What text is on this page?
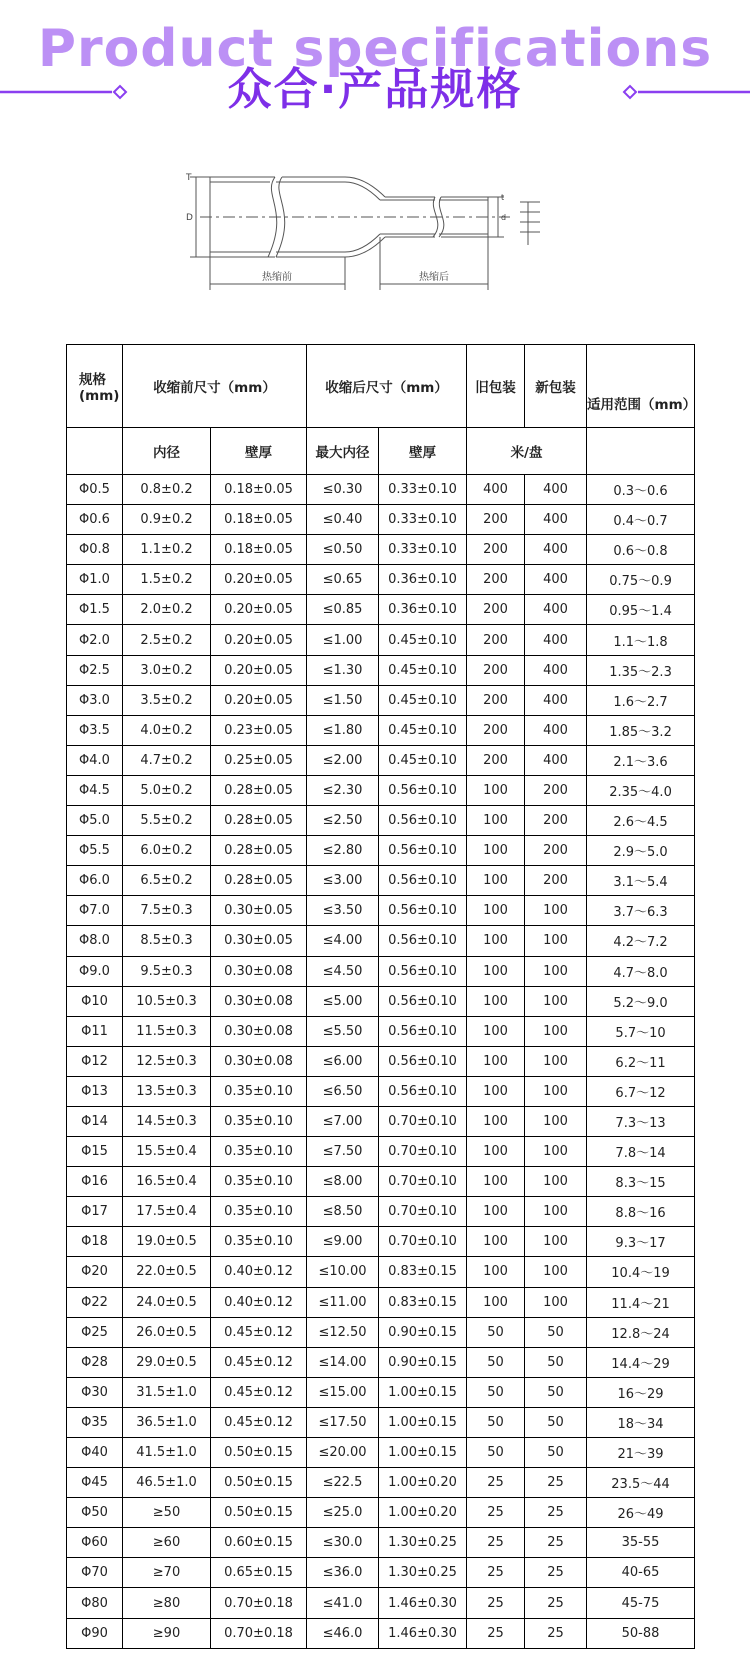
Product specifications
众合·产品规格
T
D
t
d
热缩前	热缩后
规格
(mm)	收缩前尺寸（mm）		收缩后尺寸（mm）		旧包装	新包装	适用范围（mm）
	内径	壁厚	最大内径	壁厚	米/盘		
Φ0.5	0.8±0.2	0.18±0.05	≤0.30	0.33±0.10	400	400	0.3～0.6
Φ0.6	0.9±0.2	0.18±0.05	≤0.40	0.33±0.10	200	400	0.4～0.7
Φ0.8	1.1±0.2	0.18±0.05	≤0.50	0.33±0.10	200	400	0.6～0.8
Φ1.0	1.5±0.2	0.20±0.05	≤0.65	0.36±0.10	200	400	0.75～0.9
Φ1.5	2.0±0.2	0.20±0.05	≤0.85	0.36±0.10	200	400	0.95～1.4
Φ2.0	2.5±0.2	0.20±0.05	≤1.00	0.45±0.10	200	400	1.1～1.8
Φ2.5	3.0±0.2	0.20±0.05	≤1.30	0.45±0.10	200	400	1.35～2.3
Φ3.0	3.5±0.2	0.20±0.05	≤1.50	0.45±0.10	200	400	1.6～2.7
Φ3.5	4.0±0.2	0.23±0.05	≤1.80	0.45±0.10	200	400	1.85～3.2
Φ4.0	4.7±0.2	0.25±0.05	≤2.00	0.45±0.10	200	400	2.1～3.6
Φ4.5	5.0±0.2	0.28±0.05	≤2.30	0.56±0.10	100	200	2.35～4.0
Φ5.0	5.5±0.2	0.28±0.05	≤2.50	0.56±0.10	100	200	2.6～4.5
Φ5.5	6.0±0.2	0.28±0.05	≤2.80	0.56±0.10	100	200	2.9～5.0
Φ6.0	6.5±0.2	0.28±0.05	≤3.00	0.56±0.10	100	200	3.1～5.4
Φ7.0	7.5±0.3	0.30±0.05	≤3.50	0.56±0.10	100	100	3.7～6.3
Φ8.0	8.5±0.3	0.30±0.05	≤4.00	0.56±0.10	100	100	4.2～7.2
Φ9.0	9.5±0.3	0.30±0.08	≤4.50	0.56±0.10	100	100	4.7～8.0
Φ10	10.5±0.3	0.30±0.08	≤5.00	0.56±0.10	100	100	5.2～9.0
Φ11	11.5±0.3	0.30±0.08	≤5.50	0.56±0.10	100	100	5.7～10
Φ12	12.5±0.3	0.30±0.08	≤6.00	0.56±0.10	100	100	6.2～11
Φ13	13.5±0.3	0.35±0.10	≤6.50	0.56±0.10	100	100	6.7～12
Φ14	14.5±0.3	0.35±0.10	≤7.00	0.70±0.10	100	100	7.3～13
Φ15	15.5±0.4	0.35±0.10	≤7.50	0.70±0.10	100	100	7.8～14
Φ16	16.5±0.4	0.35±0.10	≤8.00	0.70±0.10	100	100	8.3～15
Φ17	17.5±0.4	0.35±0.10	≤8.50	0.70±0.10	100	100	8.8～16
Φ18	19.0±0.5	0.35±0.10	≤9.00	0.70±0.10	100	100	9.3～17
Φ20	22.0±0.5	0.40±0.12	≤10.00	0.83±0.15	100	100	10.4～19
Φ22	24.0±0.5	0.40±0.12	≤11.00	0.83±0.15	100	100	11.4～21
Φ25	26.0±0.5	0.45±0.12	≤12.50	0.90±0.15	50	50	12.8～24
Φ28	29.0±0.5	0.45±0.12	≤14.00	0.90±0.15	50	50	14.4～29
Φ30	31.5±1.0	0.45±0.12	≤15.00	1.00±0.15	50	50	16～29
Φ35	36.5±1.0	0.45±0.12	≤17.50	1.00±0.15	50	50	18～34
Φ40	41.5±1.0	0.50±0.15	≤20.00	1.00±0.15	50	50	21～39
Φ45	46.5±1.0	0.50±0.15	≤22.5	1.00±0.20	25	25	23.5～44
Φ50	≥50	0.50±0.15	≤25.0	1.00±0.20	25	25	26～49
Φ60	≥60	0.60±0.15	≤30.0	1.30±0.25	25	25	35-55
Φ70	≥70	0.65±0.15	≤36.0	1.30±0.25	25	25	40-65
Φ80	≥80	0.70±0.18	≤41.0	1.46±0.30	25	25	45-75
Φ90	≥90	0.70±0.18	≤46.0	1.46±0.30	25	25	50-88
